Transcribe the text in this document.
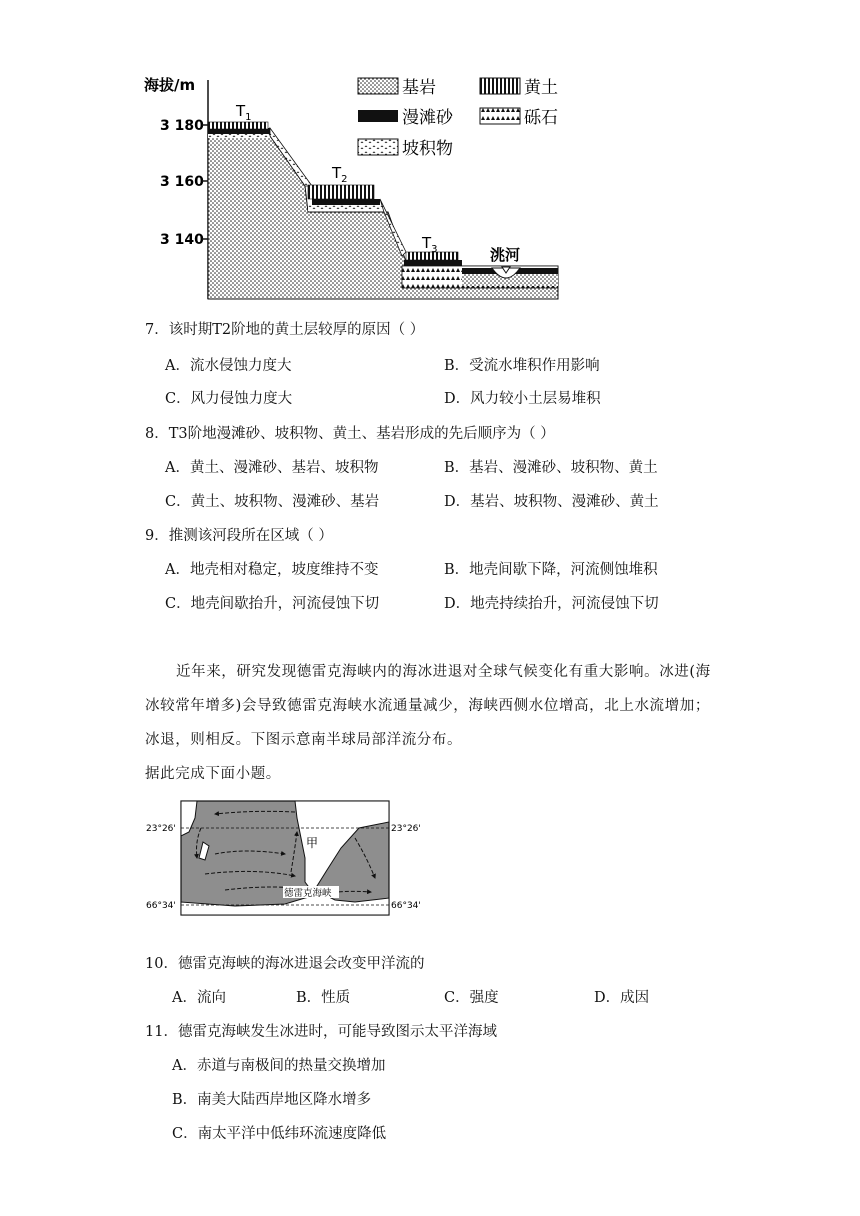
海拔/m
3 180
3 160
3 140
$T_1$
$T_2$
$T_3$	洮河
基岩	黄土
漫滩砂	砾石
坡积物
7．该时期T2阶地的黄土层较厚的原因（ ）
A．流水侵蚀力度大	B．受流水堆积作用影响
C．风力侵蚀力度大	D．风力较小土层易堆积
8．T3阶地漫滩砂、坡积物、黄土、基岩形成的先后顺序为（ ）
A．黄土、漫滩砂、基岩、坡积物	B．基岩、漫滩砂、坡积物、黄土
C．黄土、坡积物、漫滩砂、基岩	D．基岩、坡积物、漫滩砂、黄土
9．推测该河段所在区域（ ）
A．地壳相对稳定，坡度维持不变	B．地壳间歇下降，河流侧蚀堆积
C．地壳间歇抬升，河流侵蚀下切	D．地壳持续抬升，河流侵蚀下切
近年来，研究发现德雷克海峡内的海冰进退对全球气候变化有重大影响。冰进(海
冰较常年增多)会导致德雷克海峡水流通量减少，海峡西侧水位增高，北上水流增加；
冰退，则相反。下图示意南半球局部洋流分布。
据此完成下面小题。
23°26'	23°26'
66°34'	66°34'
甲
德雷克海峡
10．德雷克海峡的海冰进退会改变甲洋流的
A．流向	B．性质	C．强度	D．成因
11．德雷克海峡发生冰进时，可能导致图示太平洋海域
A．赤道与南极间的热量交换增加
B．南美大陆西岸地区降水增多
C．南太平洋中低纬环流速度降低
